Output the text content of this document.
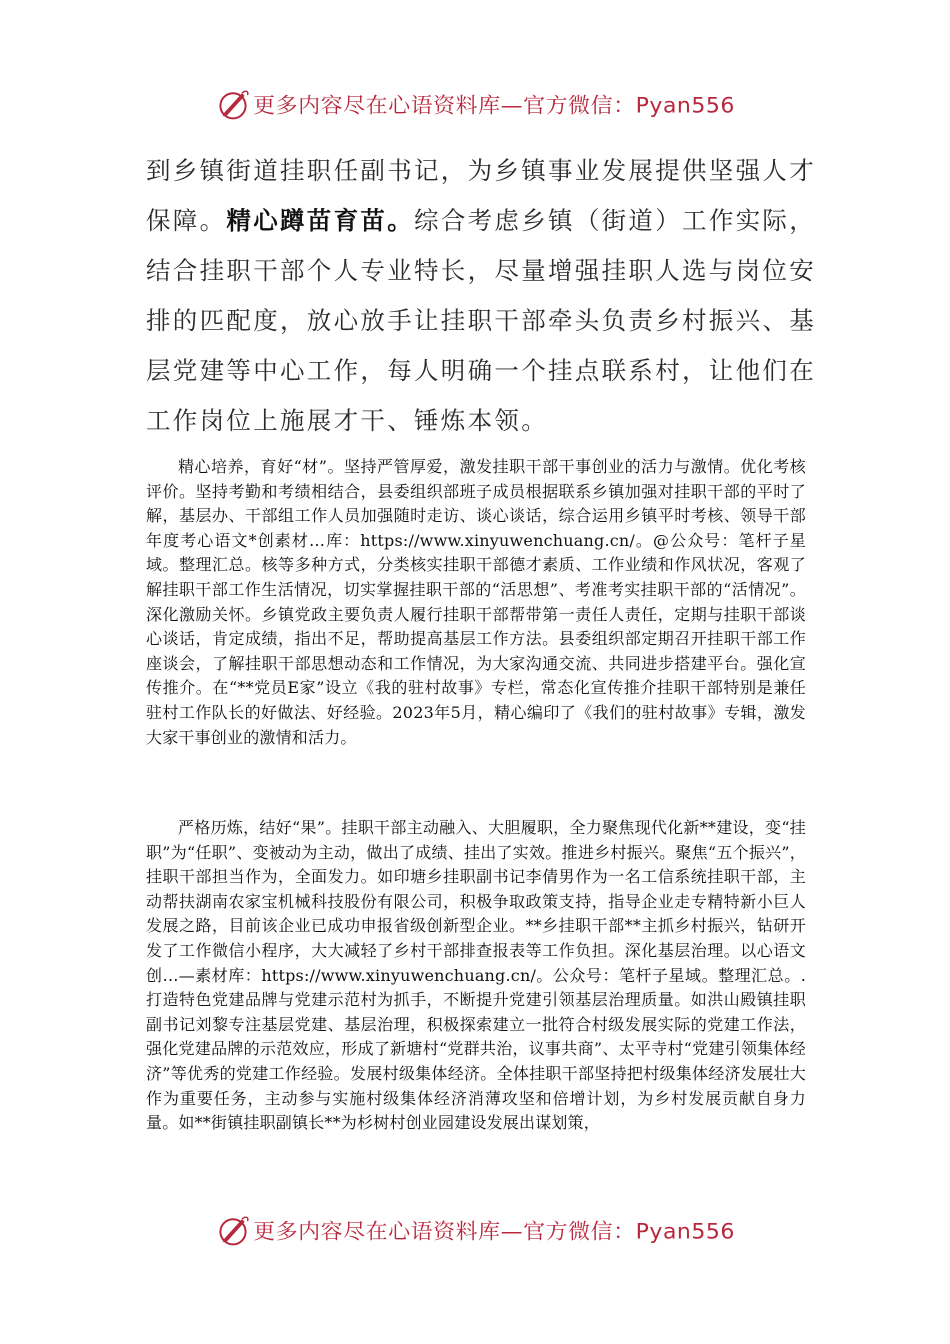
更多内容尽在心语资料库—官方微信：Pyan556

到乡镇街道挂职任副书记，为乡镇事业发展提供坚强人才保障。精心蹲苗育苗。综合考虑乡镇（街道）工作实际，结合挂职干部个人专业特长，尽量增强挂职人选与岗位安排的匹配度，放心放手让挂职干部牵头负责乡村振兴、基层党建等中心工作，每人明确一个挂点联系村，让他们在工作岗位上施展才干、锤炼本领。

精心培养，育好“材”。坚持严管厚爱，激发挂职干部干事创业的活力与激情。优化考核评价。坚持考勤和考绩相结合，县委组织部班子成员根据联系乡镇加强对挂职干部的平时了解，基层办、干部组工作人员加强随时走访、谈心谈话，综合运用乡镇平时考核、领导干部年度考心语文*创素材…库：https://www.xinyuwenchuang.cn/。@公众号：笔杆子星域。整理汇总。核等多种方式，分类核实挂职干部德才素质、工作业绩和作风状况，客观了解挂职干部工作生活情况，切实掌握挂职干部的“活思想”、考准考实挂职干部的“活情况”。深化激励关怀。乡镇党政主要负责人履行挂职干部帮带第一责任人责任，定期与挂职干部谈心谈话，肯定成绩，指出不足，帮助提高基层工作方法。县委组织部定期召开挂职干部工作座谈会，了解挂职干部思想动态和工作情况，为大家沟通交流、共同进步搭建平台。强化宣传推介。在“**党员E家”设立《我的驻村故事》专栏，常态化宣传推介挂职干部特别是兼任驻村工作队长的好做法、好经验。2023年5月，精心编印了《我们的驻村故事》专辑，激发大家干事创业的激情和活力。

严格历炼，结好“果”。挂职干部主动融入、大胆履职，全力聚焦现代化新**建设，变“挂职”为“任职”、变被动为主动，做出了成绩、挂出了实效。推进乡村振兴。聚焦“五个振兴”，挂职干部担当作为，全面发力。如印塘乡挂职副书记李倩男作为一名工信系统挂职干部，主动帮扶湖南农家宝机械科技股份有限公司，积极争取政策支持，指导企业走专精特新小巨人发展之路，目前该企业已成功申报省级创新型企业。**乡挂职干部**主抓乡村振兴，钻研开发了工作微信小程序，大大减轻了乡村干部排查报表等工作负担。深化基层治理。以心语文创…—素材库：https://www.xinyuwenchuang.cn/。公众号：笔杆子星域。整理汇总。.打造特色党建品牌与党建示范村为抓手，不断提升党建引领基层治理质量。如洪山殿镇挂职副书记刘黎专注基层党建、基层治理，积极探索建立一批符合村级发展实际的党建工作法，强化党建品牌的示范效应，形成了新塘村“党群共治，议事共商”、太平寺村“党建引领集体经济”等优秀的党建工作经验。发展村级集体经济。全体挂职干部坚持把村级集体经济发展壮大作为重要任务，主动参与实施村级集体经济消薄攻坚和倍增计划，为乡村发展贡献自身力量。如**街镇挂职副镇长**为杉树村创业园建设发展出谋划策，

更多内容尽在心语资料库—官方微信：Pyan556
